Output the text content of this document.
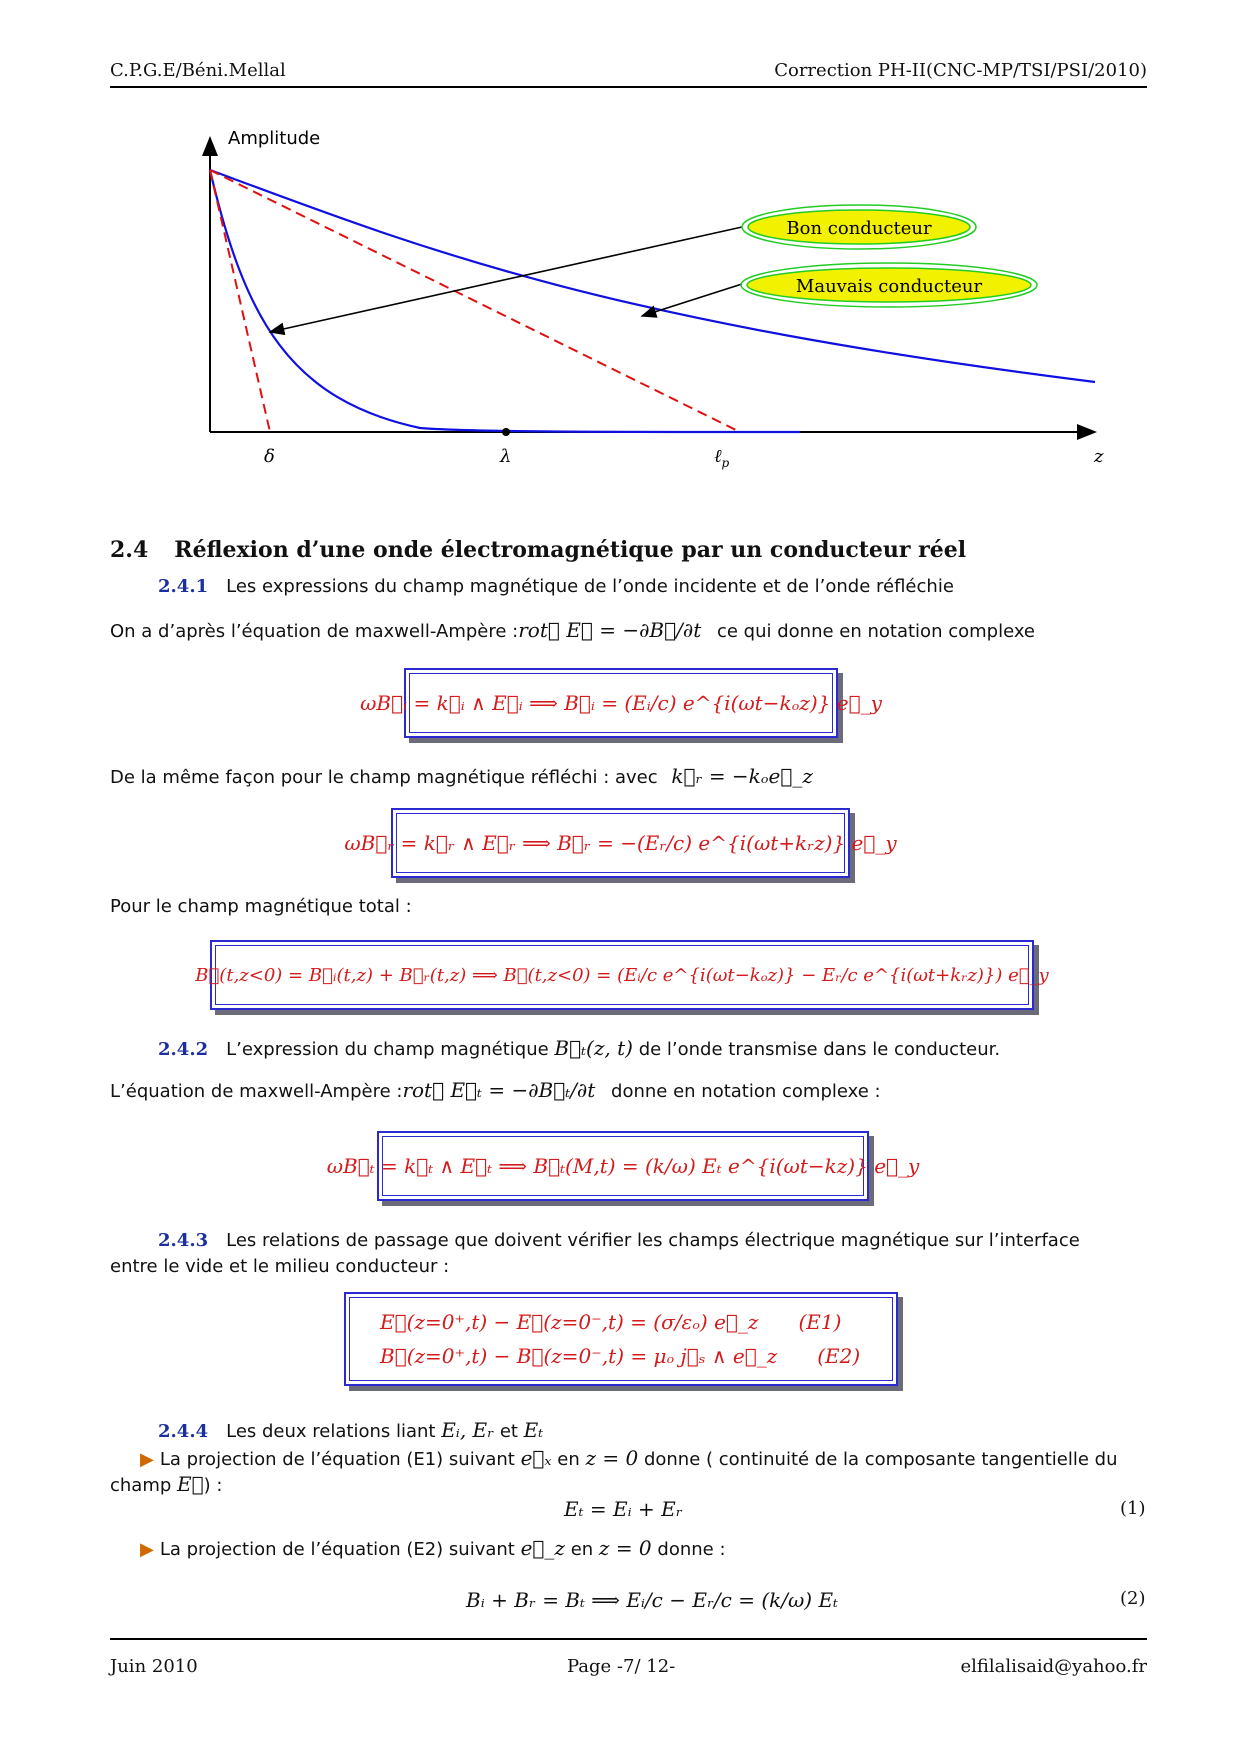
C.P.G.E/Béni.Mellal	Correction PH-II(CNC-MP/TSI/PSI/2010)
Bon conducteur
Mauvais conducteur
Amplitude
z
δ	λ	ℓ$_p$
2.4 Réflexion d’une onde électromagnétique par un conducteur réel
2.4.1 Les expressions du champ magnétique de l’onde incidente et de l’onde réfléchie
On a d’après l’équation de maxwell-Ampère :rot⃗ E⃗ = −∂B⃗/∂t ce qui donne en notation complexe
ωB⃗ᵢ = k⃗ᵢ ∧ E⃗ᵢ ⟹ B⃗ᵢ = (Eᵢ/c) e^{i(ωt−kₒz)} e⃗_y
De la même façon pour le champ magnétique réfléchi : avec k⃗ᵣ = −kₒe⃗_z
ωB⃗ᵣ = k⃗ᵣ ∧ E⃗ᵣ ⟹ B⃗ᵣ = −(Eᵣ/c) e^{i(ωt+kᵣz)} e⃗_y
Pour le champ magnétique total :
B⃗(t,z<0) = B⃗ᵢ(t,z) + B⃗ᵣ(t,z) ⟹ B⃗(t,z<0) = (Eᵢ/c e^{i(ωt−kₒz)} − Eᵣ/c e^{i(ωt+kᵣz)}) e⃗_y
2.4.2 L’expression du champ magnétique B⃗ₜ(z, t) de l’onde transmise dans le conducteur.
L’équation de maxwell-Ampère :rot⃗ E⃗ₜ = −∂B⃗ₜ/∂t donne en notation complexe :
ωB⃗ₜ = k⃗ₜ ∧ E⃗ₜ ⟹ B⃗ₜ(M,t) = (k/ω) Eₜ e^{i(ωt−kz)} e⃗_y
2.4.3 Les relations de passage que doivent vérifier les champs électrique magnétique sur l’interface
entre le vide et le milieu conducteur :
E⃗(z=0⁺,t) − E⃗(z=0⁻,t) = (σ/εₒ) e⃗_z (E1)
B⃗(z=0⁺,t) − B⃗(z=0⁻,t) = μₒ j⃗ₛ ∧ e⃗_z (E2)
2.4.4 Les deux relations liant Eᵢ, Eᵣ et Eₜ
▶ La projection de l’équation (E1) suivant e⃗ₓ en z = 0 donne ( continuité de la composante tangentielle du
champ E⃗) :
Eₜ = Eᵢ + Eᵣ	(1)
▶ La projection de l’équation (E2) suivant e⃗_z en z = 0 donne :
Bᵢ + Bᵣ = Bₜ ⟹ Eᵢ/c − Eᵣ/c = (k/ω) Eₜ	(2)
Juin 2010	Page -7/ 12-	elfilalisaid@yahoo.fr
